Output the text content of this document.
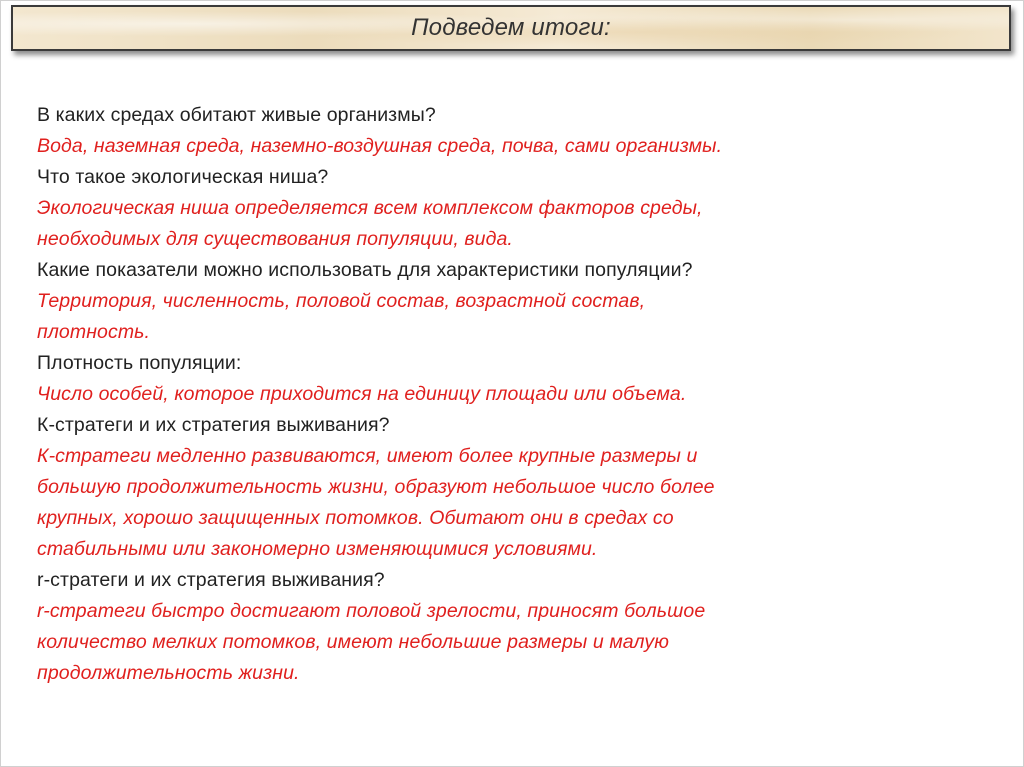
Подведем итоги:
В каких средах обитают живые организмы?
Вода, наземная среда, наземно-воздушная среда, почва, сами организмы.
Что такое экологическая ниша?
Экологическая ниша определяется всем комплексом факторов среды,
необходимых для существования популяции, вида.
Какие показатели можно использовать для характеристики популяции?
Территория, численность, половой состав, возрастной состав,
плотность.
Плотность популяции:
Число особей, которое приходится на единицу площади или объема.
К-стратеги и их стратегия выживания?
К-стратеги медленно развиваются, имеют более крупные размеры и
большую продолжительность жизни, образуют небольшое число более
крупных, хорошо защищенных потомков. Обитают они в средах со
стабильными или закономерно изменяющимися условиями.
r-стратеги и их стратегия выживания?
r-стратеги быстро достигают половой зрелости, приносят большое
количество мелких потомков, имеют небольшие размеры и малую
продолжительность жизни.
